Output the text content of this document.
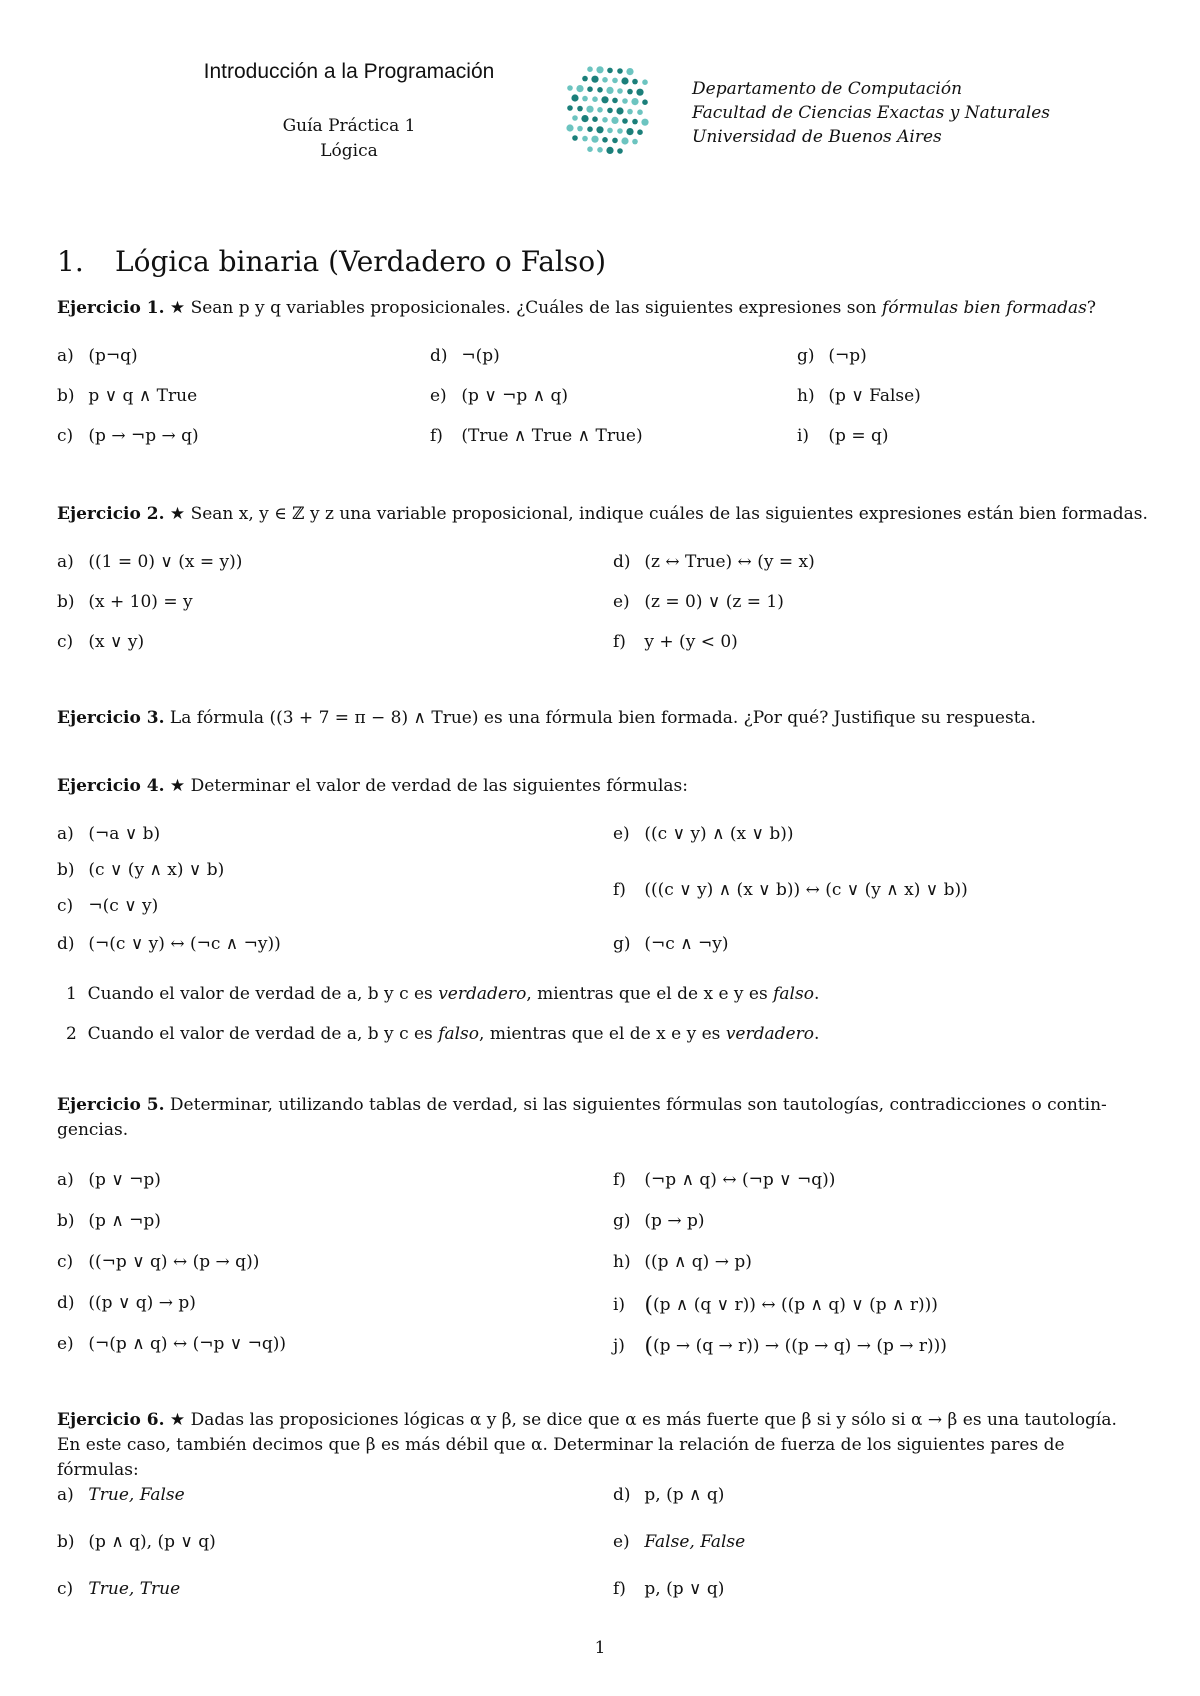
Introducción a la Programación
Guía Práctica 1
Lógica
Departamento de Computación
Facultad de Ciencias Exactas y Naturales
Universidad de Buenos Aires
1. Lógica binaria (Verdadero o Falso)
Ejercicio 1. ★ Sean p y q variables proposicionales. ¿Cuáles de las siguientes expresiones son fórmulas bien formadas?
a) (p¬q)
b) p ∨ q ∧ True
c) (p → ¬p → q)
d) ¬(p)
e) (p ∨ ¬p ∧ q)
f) (True ∧ True ∧ True)
g) (¬p)
h) (p ∨ False)
i) (p = q)
Ejercicio 2. ★ Sean x, y ∈ ℤ y z una variable proposicional, indique cuáles de las siguientes expresiones están bien formadas.
a) ((1 = 0) ∨ (x = y))
b) (x + 10) = y
c) (x ∨ y)
d) (z ↔ True) ↔ (y = x)
e) (z = 0) ∨ (z = 1)
f) y + (y < 0)
Ejercicio 3. La fórmula ((3 + 7 = π − 8) ∧ True) es una fórmula bien formada. ¿Por qué? Justifique su respuesta.
Ejercicio 4. ★ Determinar el valor de verdad de las siguientes fórmulas:
a) (¬a ∨ b)
b) (c ∨ (y ∧ x) ∨ b)
c) ¬(c ∨ y)
d) (¬(c ∨ y) ↔ (¬c ∧ ¬y))
e) ((c ∨ y) ∧ (x ∨ b))
f) (((c ∨ y) ∧ (x ∨ b)) ↔ (c ∨ (y ∧ x) ∨ b))
g) (¬c ∧ ¬y)
1 Cuando el valor de verdad de a, b y c es verdadero, mientras que el de x e y es falso.
2 Cuando el valor de verdad de a, b y c es falso, mientras que el de x e y es verdadero.
Ejercicio 5. Determinar, utilizando tablas de verdad, si las siguientes fórmulas son tautologías, contradicciones o contin-
gencias.
a) (p ∨ ¬p)
b) (p ∧ ¬p)
c) ((¬p ∨ q) ↔ (p → q))
d) ((p ∨ q) → p)
e) (¬(p ∧ q) ↔ (¬p ∨ ¬q))
f) (¬p ∧ q) ↔ (¬p ∨ ¬q))
g) (p → p)
h) ((p ∧ q) → p)
i) ((p ∧ (q ∨ r)) ↔ ((p ∧ q) ∨ (p ∧ r)))
j) ((p → (q → r)) → ((p → q) → (p → r)))
Ejercicio 6. ★ Dadas las proposiciones lógicas α y β, se dice que α es más fuerte que β si y sólo si α → β es una tautología.
En este caso, también decimos que β es más débil que α. Determinar la relación de fuerza de los siguientes pares de fórmulas:
a) True, False
b) (p ∧ q), (p ∨ q)
c) True, True
d) p, (p ∧ q)
e) False, False
f) p, (p ∨ q)
1
